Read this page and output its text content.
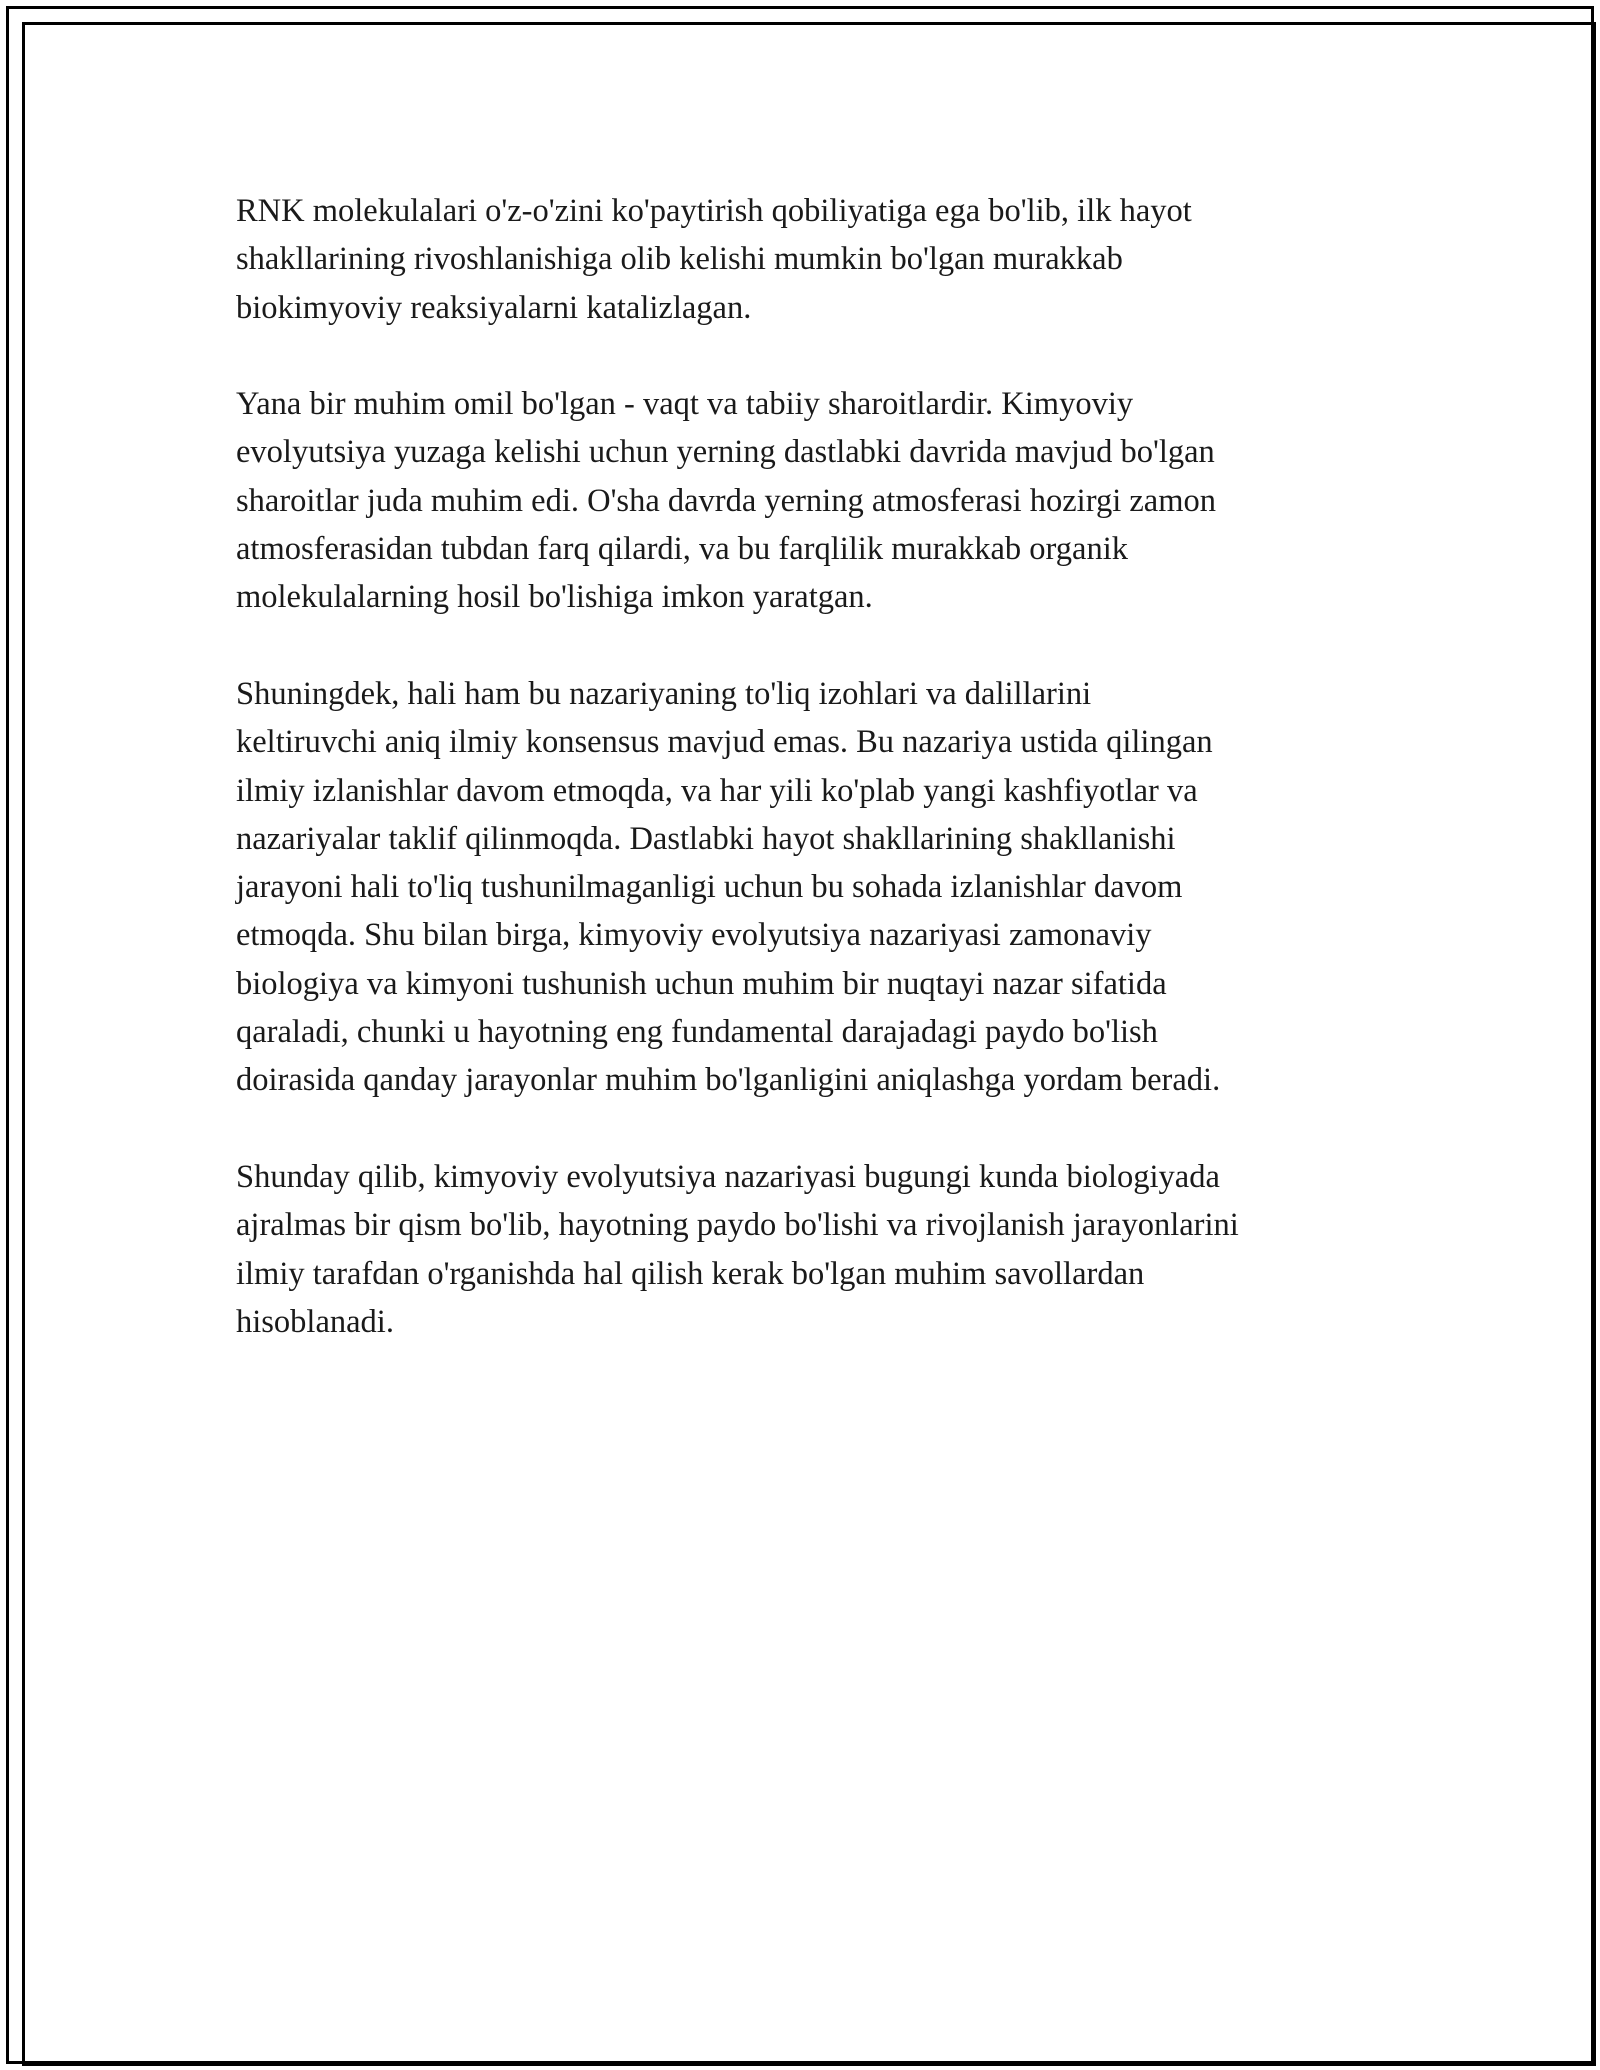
RNK molekulalari o'z-o'zini ko'paytirish qobiliyatiga ega bo'lib, ilk hayot
shakllarining rivoshlanishiga olib kelishi mumkin bo'lgan murakkab
biokimyoviy reaksiyalarni katalizlagan.

Yana bir muhim omil bo'lgan - vaqt va tabiiy sharoitlardir. Kimyoviy
evolyutsiya yuzaga kelishi uchun yerning dastlabki davrida mavjud bo'lgan
sharoitlar juda muhim edi. O'sha davrda yerning atmosferasi hozirgi zamon
atmosferasidan tubdan farq qilardi, va bu farqlilik murakkab organik
molekulalarning hosil bo'lishiga imkon yaratgan.

Shuningdek, hali ham bu nazariyaning to'liq izohlari va dalillarini
keltiruvchi aniq ilmiy konsensus mavjud emas. Bu nazariya ustida qilingan
ilmiy izlanishlar davom etmoqda, va har yili ko'plab yangi kashfiyotlar va
nazariyalar taklif qilinmoqda. Dastlabki hayot shakllarining shakllanishi
jarayoni hali to'liq tushunilmaganligi uchun bu sohada izlanishlar davom
etmoqda. Shu bilan birga, kimyoviy evolyutsiya nazariyasi zamonaviy
biologiya va kimyoni tushunish uchun muhim bir nuqtayi nazar sifatida
qaraladi, chunki u hayotning eng fundamental darajadagi paydo bo'lish
doirasida qanday jarayonlar muhim bo'lganligini aniqlashga yordam beradi.

Shunday qilib, kimyoviy evolyutsiya nazariyasi bugungi kunda biologiyada
ajralmas bir qism bo'lib, hayotning paydo bo'lishi va rivojlanish jarayonlarini
ilmiy tarafdan o'rganishda hal qilish kerak bo'lgan muhim savollardan
hisoblanadi.
